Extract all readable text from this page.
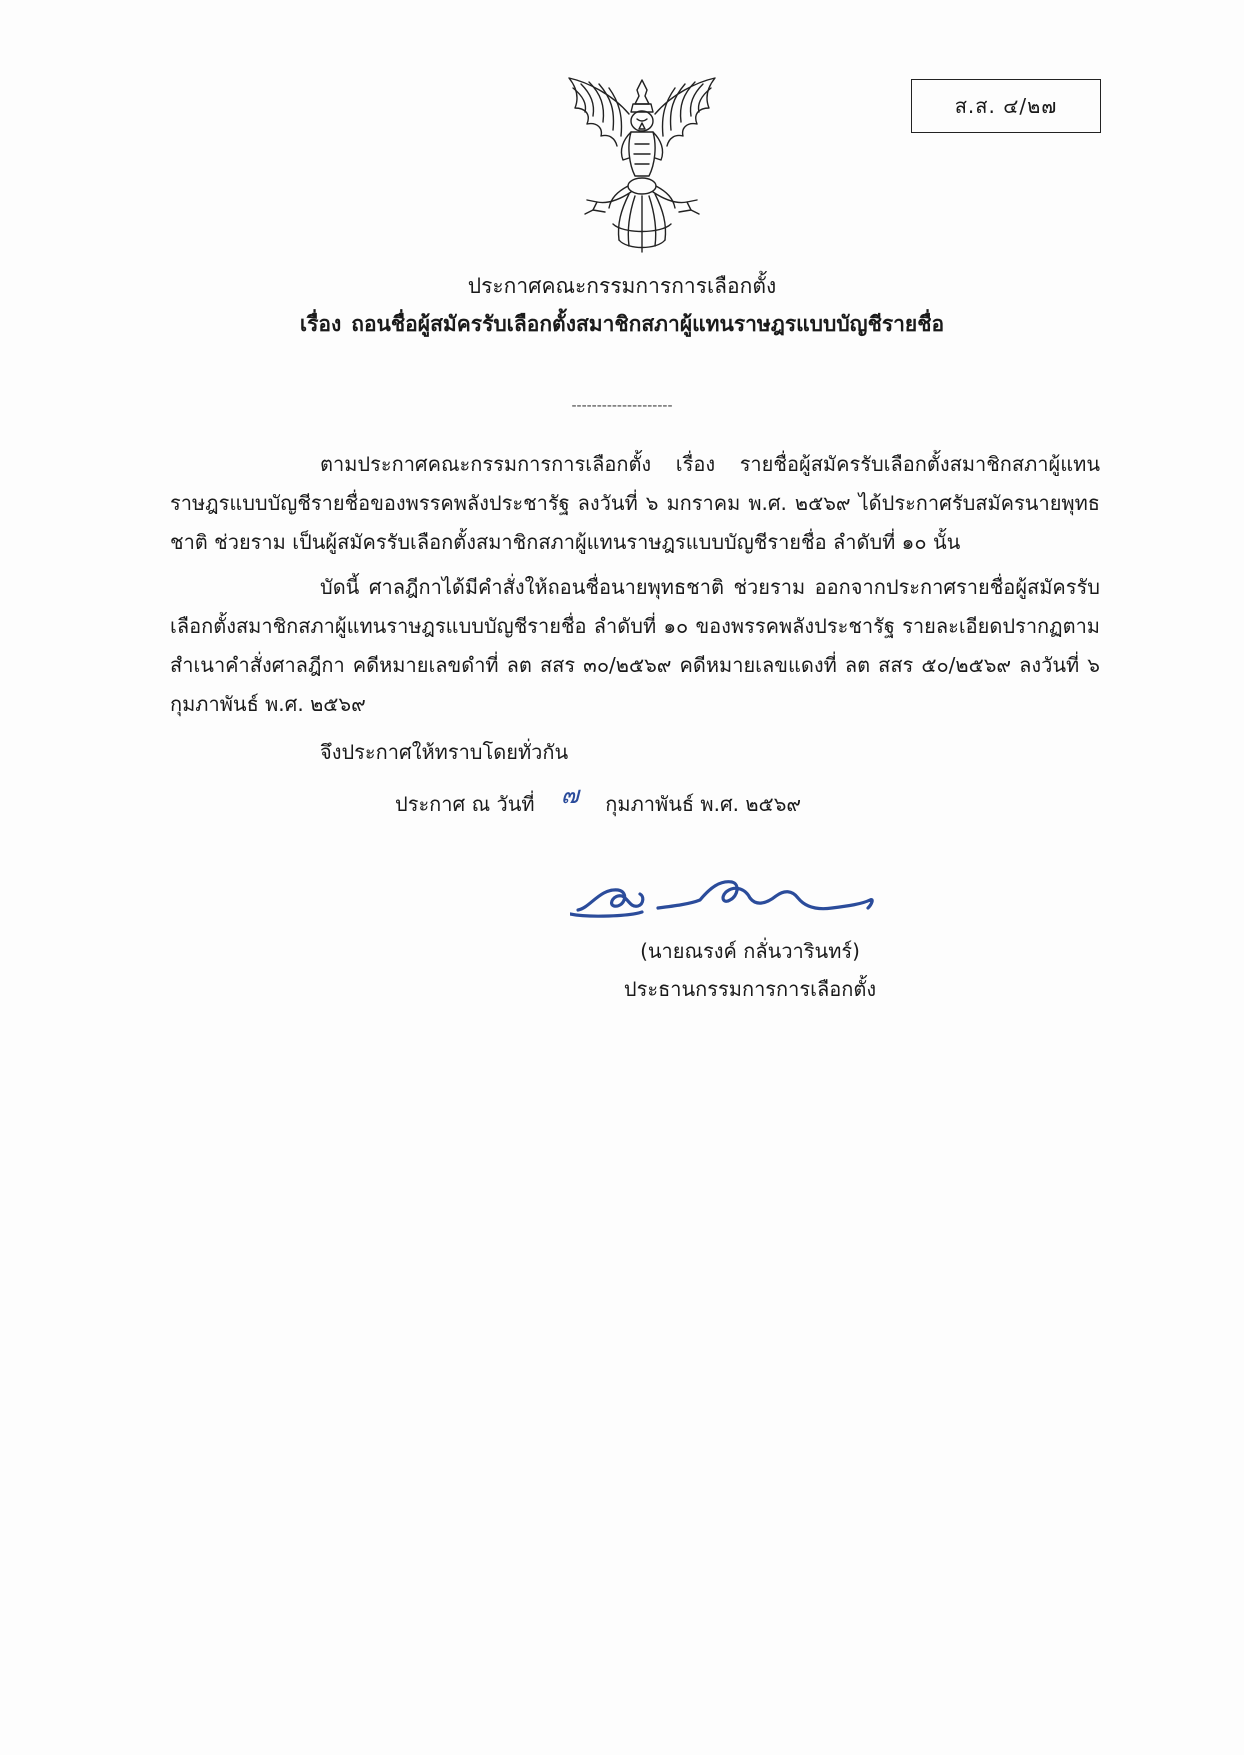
ส.ส. ๔/๒๗
ประกาศคณะกรรมการการเลือกตั้ง
เรื่อง ถอนชื่อผู้สมัครรับเลือกตั้งสมาชิกสภาผู้แทนราษฎรแบบบัญชีรายชื่อ
--------------------

ตามประกาศคณะกรรมการการเลือกตั้ง เรื่อง รายชื่อผู้สมัครรับเลือกตั้งสมาชิกสภาผู้แทนราษฎรแบบบัญชีรายชื่อของพรรคพลังประชารัฐ ลงวันที่ ๖ มกราคม พ.ศ. ๒๕๖๙ ได้ประกาศรับสมัครนายพุทธชาติ ช่วยราม เป็นผู้สมัครรับเลือกตั้งสมาชิกสภาผู้แทนราษฎรแบบบัญชีรายชื่อ ลำดับที่ ๑๐ นั้น

บัดนี้ ศาลฎีกาได้มีคำสั่งให้ถอนชื่อนายพุทธชาติ ช่วยราม ออกจากประกาศรายชื่อผู้สมัครรับเลือกตั้งสมาชิกสภาผู้แทนราษฎรแบบบัญชีรายชื่อ ลำดับที่ ๑๐ ของพรรคพลังประชารัฐ รายละเอียดปรากฏตามสำเนาคำสั่งศาลฎีกา คดีหมายเลขดำที่ ลต สสร ๓๐/๒๕๖๙ คดีหมายเลขแดงที่ ลต สสร ๕๐/๒๕๖๙ ลงวันที่ ๖ กุมภาพันธ์ พ.ศ. ๒๕๖๙

จึงประกาศให้ทราบโดยทั่วกัน
ประกาศ ณ วันที่ ๗ กุมภาพันธ์ พ.ศ. ๒๕๖๙
(นายณรงค์ กลั่นวารินทร์)
ประธานกรรมการการเลือกตั้ง
